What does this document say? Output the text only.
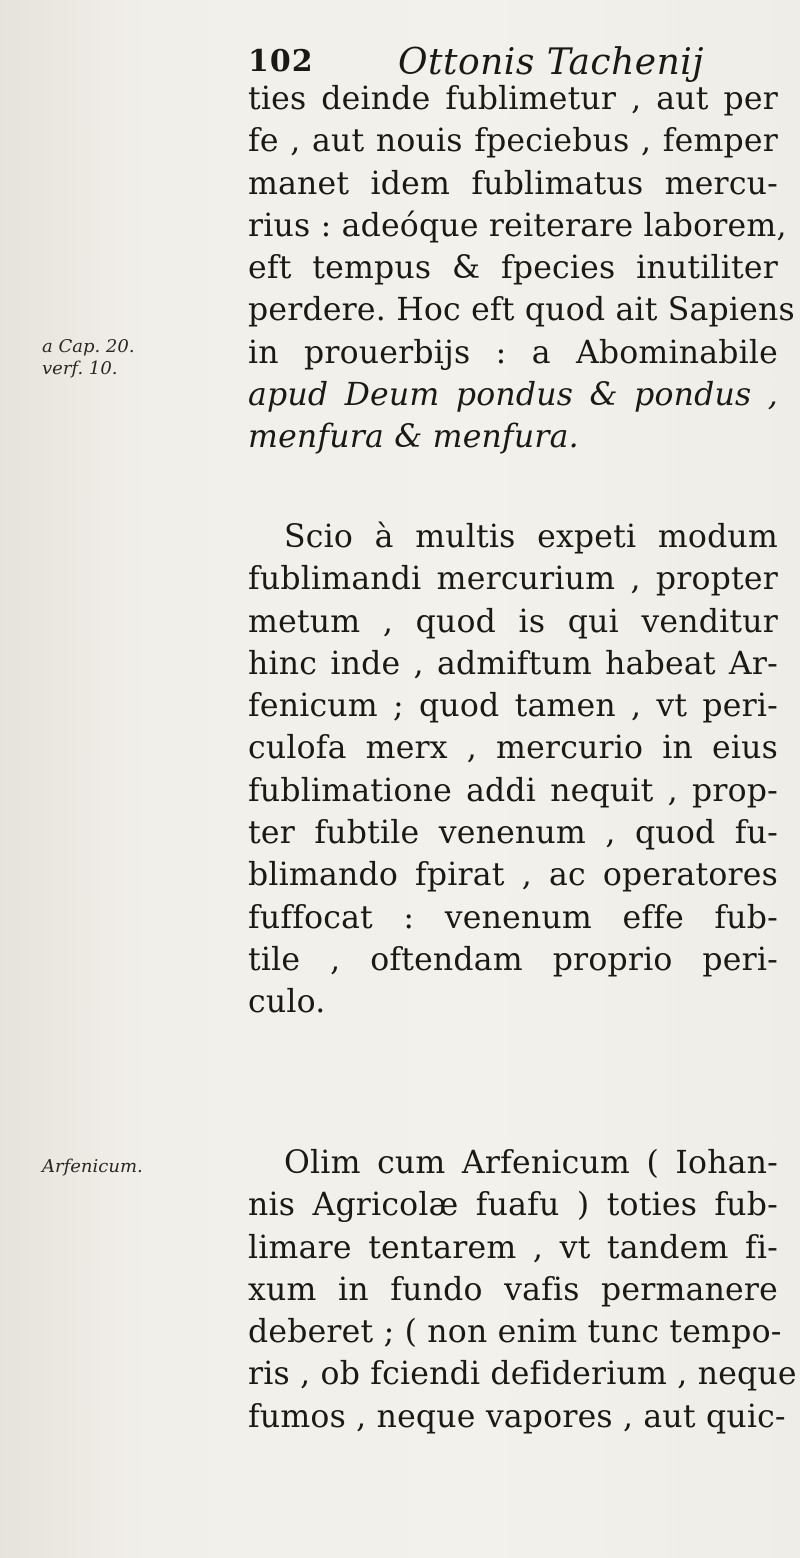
102 Ottonis Tachenij
a Cap. 20.
verf. 10.
Arfenicum.
ties deinde fublimetur , aut per
fe , aut nouis fpeciebus , femper
manet idem fublimatus mercu-
rius : adeóque reiterare laborem,
eft tempus & fpecies inutiliter
perdere. Hoc eft quod ait Sapiens
in prouerbijs : a Abominabile
apud Deum pondus & pondus ,
menfura & menfura.
Scio à multis expeti modum
fublimandi mercurium , propter
metum , quod is qui venditur
hinc inde , admiftum habeat Ar-
fenicum ; quod tamen , vt peri-
culofa merx , mercurio in eius
fublimatione addi nequit , prop-
ter fubtile venenum , quod fu-
blimando fpirat , ac operatores
fuffocat : venenum effe fub-
tile , oftendam proprio peri-
culo.
Olim cum Arfenicum ( Iohan-
nis Agricolæ fuafu ) toties fub-
limare tentarem , vt tandem fi-
xum in fundo vafis permanere
deberet ; ( non enim tunc tempo-
ris , ob fciendi defiderium , neque
fumos , neque vapores , aut quic-
